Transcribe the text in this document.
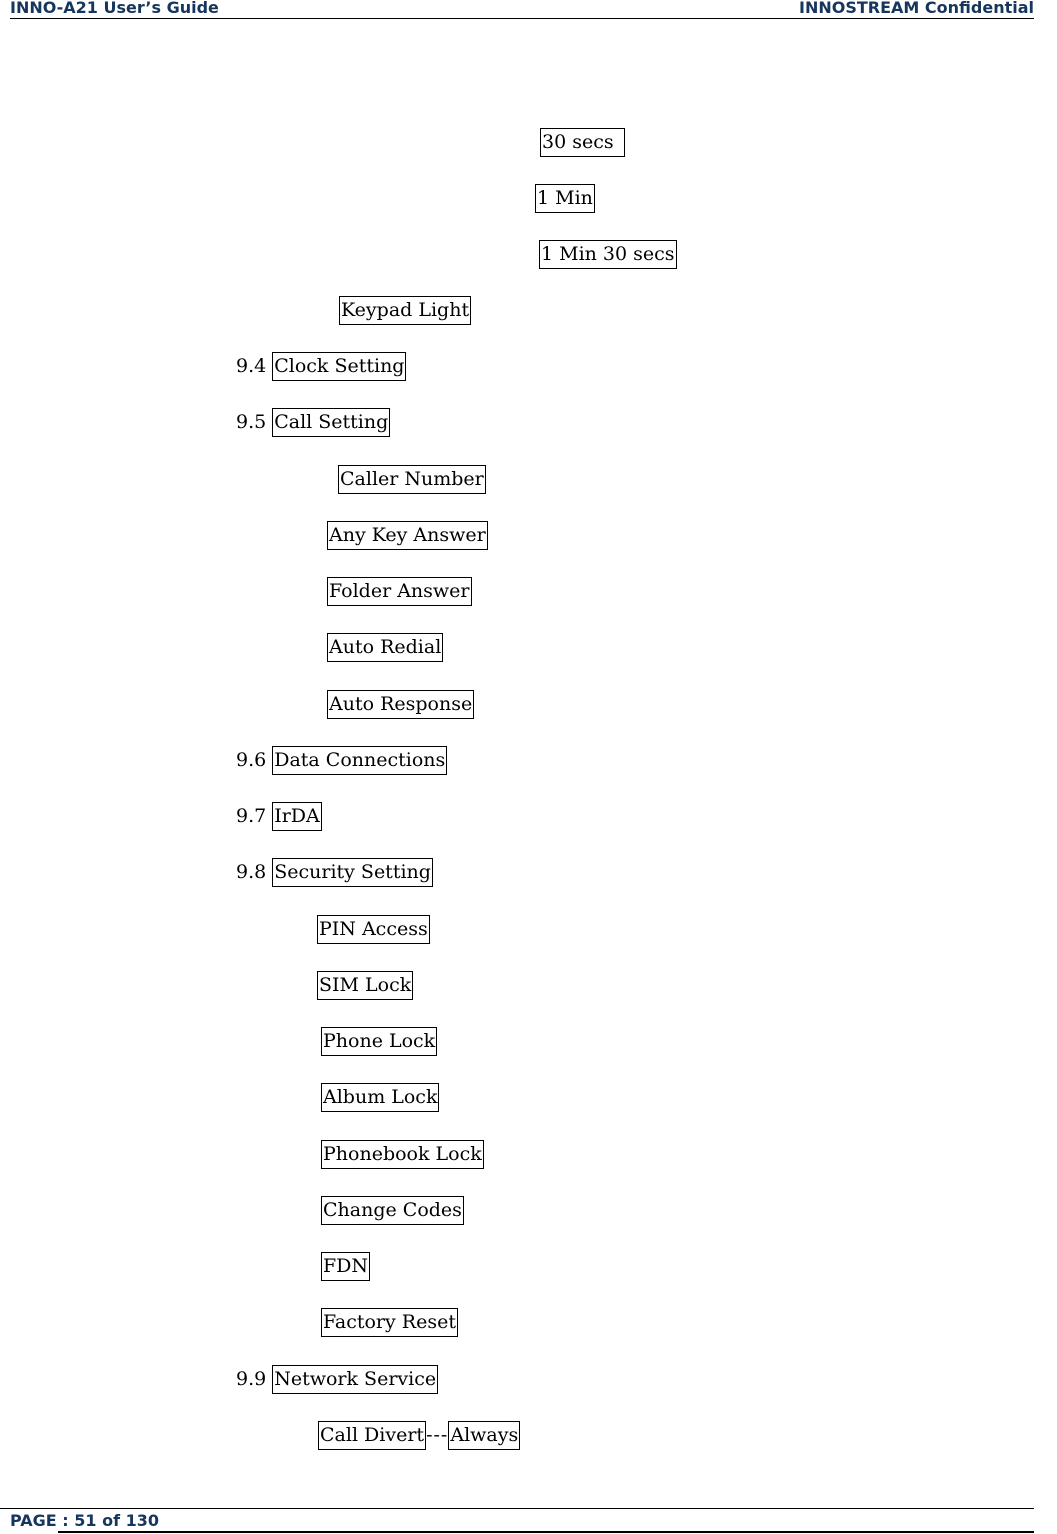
INNO-A21 User’s Guide	INNOSTREAM Confidential
30 secs
1 Min
1 Min 30 secs
Keypad Light
9.4 Clock Setting
9.5 Call Setting
Caller Number
Any Key Answer
Folder Answer
Auto Redial
Auto Response
9.6 Data Connections
9.7 IrDA
9.8 Security Setting
PIN Access
SIM Lock
Phone Lock
Album Lock
Phonebook Lock
Change Codes
FDN
Factory Reset
9.9 Network Service
Call Divert --- Always
PAGE : 51 of 130
